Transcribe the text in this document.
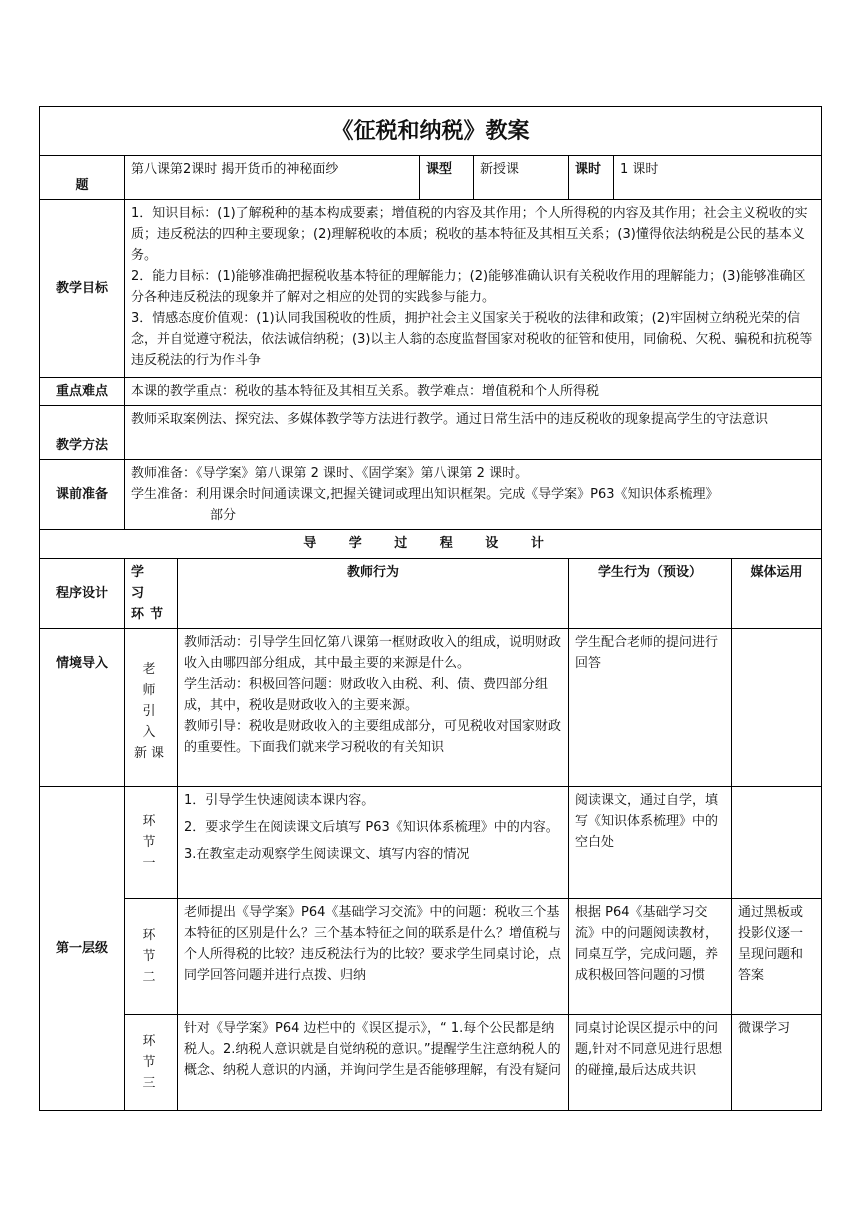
《征税和纳税》教案							
题	第八课第2课时 揭开货币的神秘面纱		课型	新授课	课时	1 课时	
教学目标	1．知识目标：(1)了解税种的基本构成要素；增值税的内容及其作用；个人所得税的内容及其作用；社会主义税收的实质；违反税法的四种主要现象；(2)理解税收的本质；税收的基本特征及其相互关系；(3)懂得依法纳税是公民的基本义务。
2．能力目标：(1)能够准确把握税收基本特征的理解能力；(2)能够准确认识有关税收作用的理解能力；(3)能够准确区分各种违反税法的现象并了解对之相应的处罚的实践参与能力。
3．情感态度价值观：(1)认同我国税收的性质，拥护社会主义国家关于税收的法律和政策；(2)牢固树立纳税光荣的信念，并自觉遵守税法，依法诚信纳税；(3)以主人翁的态度监督国家对税收的征管和使用，同偷税、欠税、骗税和抗税等违反税法的行为作斗争						

重点难点	本课的教学重点：税收的基本特征及其相互关系。教学难点：增值税和个人所得税						
教学方法	教师采取案例法、探究法、多媒体教学等方法进行教学。通过日常生活中的违反税收的现象提高学生的守法意识						
课前准备	教师准备：《导学案》第八课第 2 课时、《固学案》第八课第 2 课时。
学生准备：利用课余时间通读课文,把握关键词或理出知识框架。完成《导学案》P63《知识体系梳理》
部分						

导 学 过 程 设 计							
程序设计	学 习 环节	教师行为			学生行为（预设）		媒体运用
情境导入	老 师 引 入 新课	教师活动：引导学生回忆第八课第一框财政收入的组成，说明财政收入由哪四部分组成，其中最主要的来源是什么。
学生活动：积极回答问题：财政收入由税、利、债、费四部分组成，其中，税收是财政收入的主要来源。
教师引导：税收是财政收入的主要组成部分，可见税收对国家财政的重要性。下面我们就来学习税收的有关知识			学生配合老师的提问进行回答		
第一层级	环 节 一	1．引导学生快速阅读本课内容。
2．要求学生在阅读课文后填写 P63《知识体系梳理》中的内容。
3.在教室走动观察学生阅读课文、填写内容的情况			阅读课文，通过自学，填写《知识体系梳理》中的空白处		
	环 节 二	老师提出《导学案》P64《基础学习交流》中的问题：税收三个基本特征的区别是什么？三个基本特征之间的联系是什么？增值税与个人所得税的比较？违反税法行为的比较？要求学生同桌讨论，点同学回答问题并进行点拨、归纳			根据 P64《基础学习交流》中的问题阅读教材，同桌互学，完成问题，养成积极回答问题的习惯		通过黑板或投影仪逐一呈现问题和答案
	环 节 三	针对《导学案》P64 边栏中的《误区提示》，“ 1.每个公民都是纳税人。2.纳税人意识就是自觉纳税的意识。”提醒学生注意纳税人的概念、纳税人意识的内涵，并询问学生是否能够理解，有没有疑问			同桌讨论误区提示中的问题,针对不同意见进行思想的碰撞,最后达成共识		微课学习
